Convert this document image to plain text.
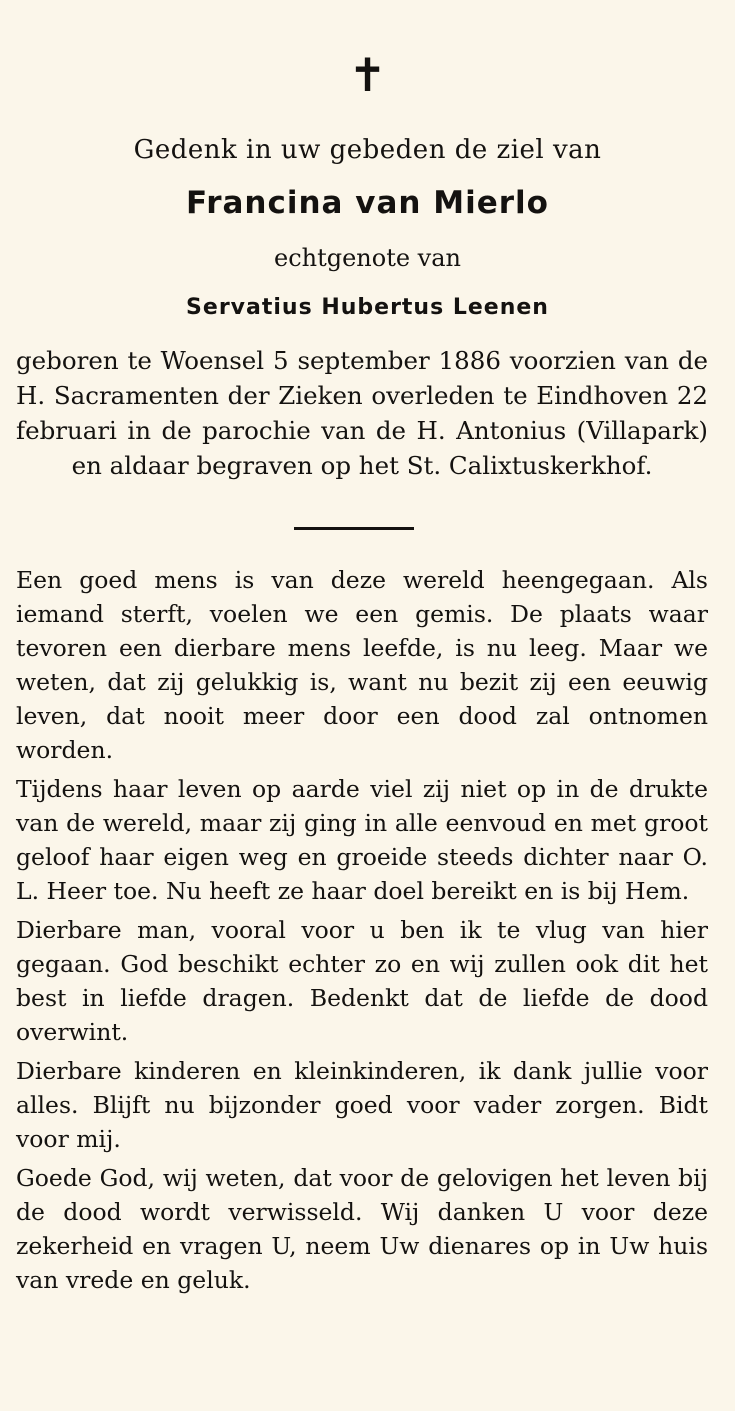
✝
Gedenk in uw gebeden de ziel van
Francina van Mierlo
echtgenote van
Servatius Hubertus Leenen
geboren te Woensel 5 september 1886 voorzien van de H. Sacramenten der Zieken overleden te Eindhoven 22 februari in de parochie van de H. Antonius (Villapark) en aldaar begraven op het St. Calixtuskerkhof.

Een goed mens is van deze wereld heengegaan. Als iemand sterft, voelen we een gemis. De plaats waar tevoren een dierbare mens leefde, is nu leeg. Maar we weten, dat zij gelukkig is, want nu bezit zij een eeuwig leven, dat nooit meer door een dood zal ontnomen worden.

Tijdens haar leven op aarde viel zij niet op in de drukte van de wereld, maar zij ging in alle eenvoud en met groot geloof haar eigen weg en groeide steeds dichter naar O. L. Heer toe. Nu heeft ze haar doel bereikt en is bij Hem.

Dierbare man, vooral voor u ben ik te vlug van hier gegaan. God beschikt echter zo en wij zullen ook dit het best in liefde dragen. Bedenkt dat de liefde de dood overwint.

Dierbare kinderen en kleinkinderen, ik dank jullie voor alles. Blijft nu bijzonder goed voor vader zorgen. Bidt voor mij.

Goede God, wij weten, dat voor de gelovigen het leven bij de dood wordt verwisseld. Wij danken U voor deze zekerheid en vragen U, neem Uw dienares op in Uw huis van vrede en geluk.
